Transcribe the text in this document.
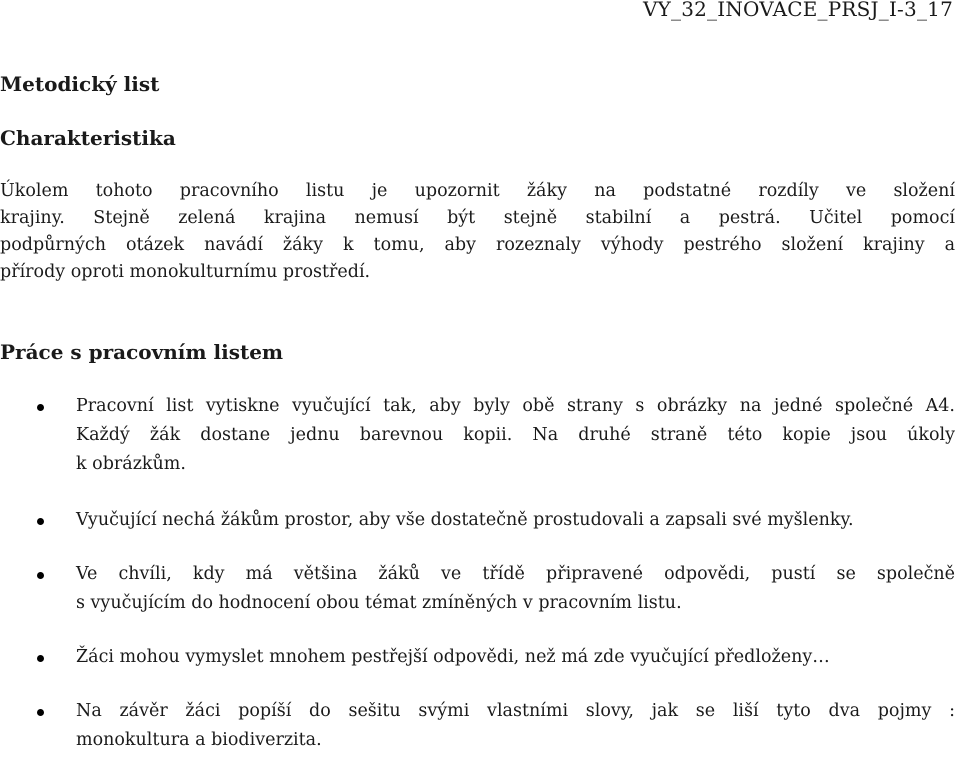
VY_32_INOVACE_PRSJ_I-3_17
Metodický list
Charakteristika

Úkolem tohoto pracovního listu je upozornit žáky na podstatné rozdíly ve složení
krajiny. Stejně zelená krajina nemusí být stejně stabilní a pestrá. Učitel pomocí
podpůrných otázek navádí žáky k tomu, aby rozeznaly výhody pestrého složení krajiny a
přírody oproti monokulturnímu prostředí.

Práce s pracovním listem
Pracovní list vytiskne vyučující tak, aby byly obě strany s obrázky na jedné společné A4.
Každý žák dostane jednu barevnou kopii. Na druhé straně této kopie jsou úkoly
k obrázkům.
Vyučující nechá žákům prostor, aby vše dostatečně prostudovali a zapsali své myšlenky.
Ve chvíli, kdy má většina žáků ve třídě připravené odpovědi, pustí se společně
s vyučujícím do hodnocení obou témat zmíněných v pracovním listu.
Žáci mohou vymyslet mnohem pestřejší odpovědi, než má zde vyučující předloženy…
Na závěr žáci popíší do sešitu svými vlastními slovy, jak se liší tyto dva pojmy :
monokultura a biodiverzita.
